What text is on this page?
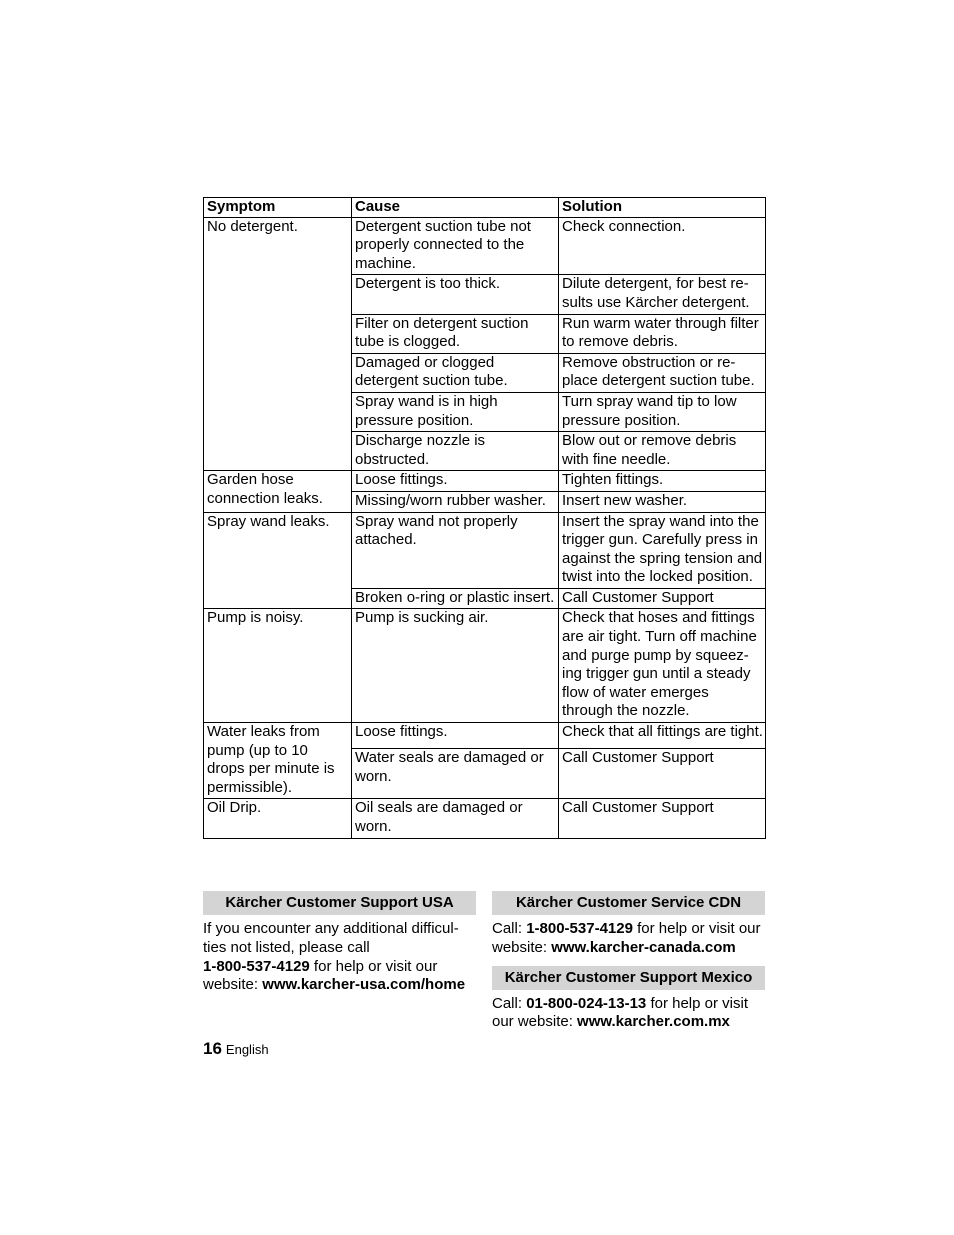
Symptom	Cause	Solution
No detergent.	Detergent suction tube not properly connected to the machine.	Check connection.
	Detergent is too thick.	Dilute detergent, for best re-sults use Kärcher detergent.
	Filter on detergent suction tube is clogged.	Run warm water through filter to remove debris.
	Damaged or clogged detergent suction tube.	Remove obstruction or re-place detergent suction tube.
	Spray wand is in high pressure position.	Turn spray wand tip to low pressure position.
	Discharge nozzle is obstructed.	Blow out or remove debris with fine needle.
Garden hose connection leaks.	Loose fittings.	Tighten fittings.
	Missing/worn rubber washer.	Insert new washer.
Spray wand leaks.	Spray wand not properly attached.	Insert the spray wand into the trigger gun. Carefully press in against the spring tension and twist into the locked position.
	Broken o-ring or plastic insert.	Call Customer Support
Pump is noisy.	Pump is sucking air.	Check that hoses and fittings are air tight. Turn off machine and purge pump by squeez-ing trigger gun until a steady flow of water emerges through the nozzle.
Water leaks from pump (up to 10 drops per minute is permissible).	Loose fittings.	Check that all fittings are tight.
	Water seals are damaged or worn.	Call Customer Support
Oil Drip.	Oil seals are damaged or worn.	Call Customer Support
Kärcher Customer Support USA

If you encounter any additional difficul-ties not listed, please call
1-800-537-4129 for help or visit our website: www.karcher-usa.com/home

Kärcher Customer Service CDN

Call: 1-800-537-4129 for help or visit our website: www.karcher-canada.com

Kärcher Customer Support Mexico

Call: 01-800-024-13-13 for help or visit our website: www.karcher.com.mx

16 English
